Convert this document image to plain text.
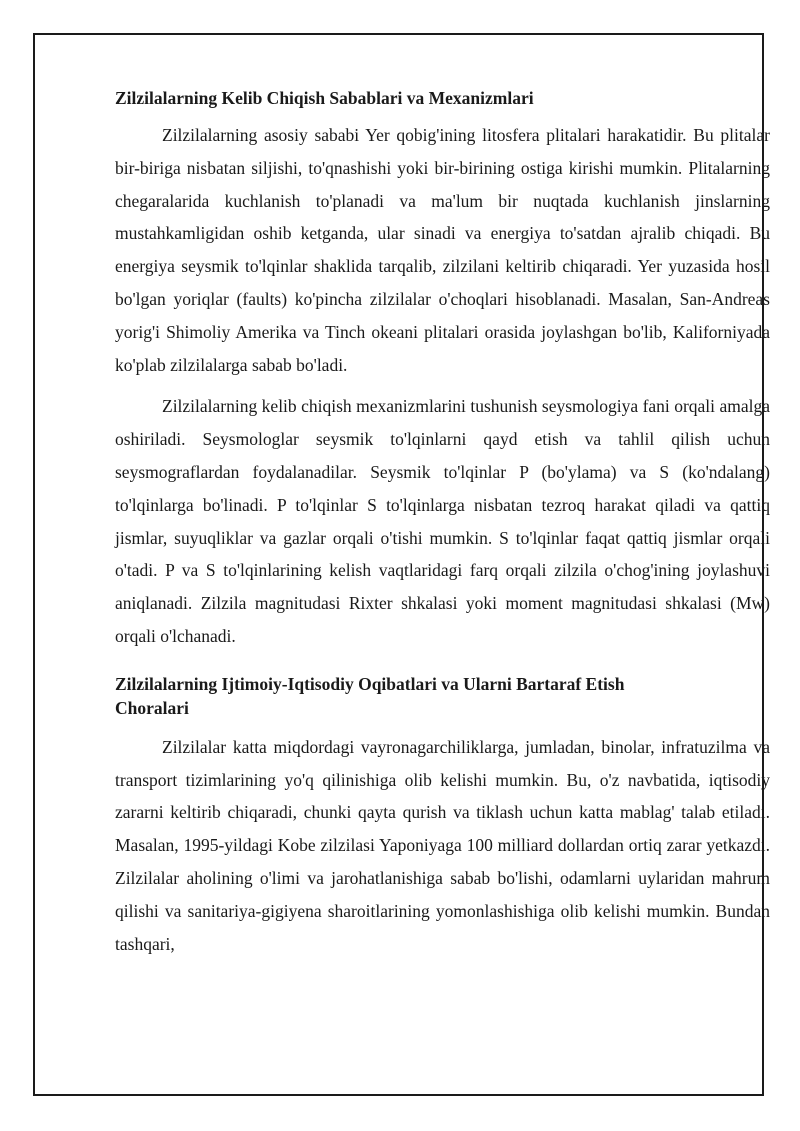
Zilzilalarning Kelib Chiqish Sabablari va Mexanizmlari

Zilzilalarning asosiy sababi Yer qobig'ining litosfera plitalari harakatidir. Bu plitalar bir-biriga nisbatan siljishi, to'qnashishi yoki bir-birining ostiga kirishi mumkin. Plitalarning chegaralarida kuchlanish to'planadi va ma'lum bir nuqtada kuchlanish jinslarning mustahkamligidan oshib ketganda, ular sinadi va energiya to'satdan ajralib chiqadi. Bu energiya seysmik to'lqinlar shaklida tarqalib, zilzilani keltirib chiqaradi. Yer yuzasida hosil bo'lgan yoriqlar (faults) ko'pincha zilzilalar o'choqlari hisoblanadi. Masalan, San-Andreas yorig'i Shimoliy Amerika va Tinch okeani plitalari orasida joylashgan bo'lib, Kaliforniyada ko'plab zilzilalarga sabab bo'ladi.

Zilzilalarning kelib chiqish mexanizmlarini tushunish seysmologiya fani orqali amalga oshiriladi. Seysmologlar seysmik to'lqinlarni qayd etish va tahlil qilish uchun seysmograflardan foydalanadilar. Seysmik to'lqinlar P (bo'ylama) va S (ko'ndalang) to'lqinlarga bo'linadi. P to'lqinlar S to'lqinlarga nisbatan tezroq harakat qiladi va qattiq jismlar, suyuqliklar va gazlar orqali o'tishi mumkin. S to'lqinlar faqat qattiq jismlar orqali o'tadi. P va S to'lqinlarining kelish vaqtlaridagi farq orqali zilzila o'chog'ining joylashuvi aniqlanadi. Zilzila magnitudasi Rixter shkalasi yoki moment magnitudasi shkalasi (Mw) orqali o'lchanadi.

Zilzilalarning Ijtimoiy-Iqtisodiy Oqibatlari va Ularni Bartaraf Etish Choralari

Zilzilalar katta miqdordagi vayronagarchiliklarga, jumladan, binolar, infratuzilma va transport tizimlarining yo'q qilinishiga olib kelishi mumkin. Bu, o'z navbatida, iqtisodiy zararni keltirib chiqaradi, chunki qayta qurish va tiklash uchun katta mablag' talab etiladi. Masalan, 1995-yildagi Kobe zilzilasi Yaponiyaga 100 milliard dollardan ortiq zarar yetkazdi. Zilzilalar aholining o'limi va jarohatlanishiga sabab bo'lishi, odamlarni uylaridan mahrum qilishi va sanitariya-gigiyena sharoitlarining yomonlashishiga olib kelishi mumkin. Bundan tashqari,
